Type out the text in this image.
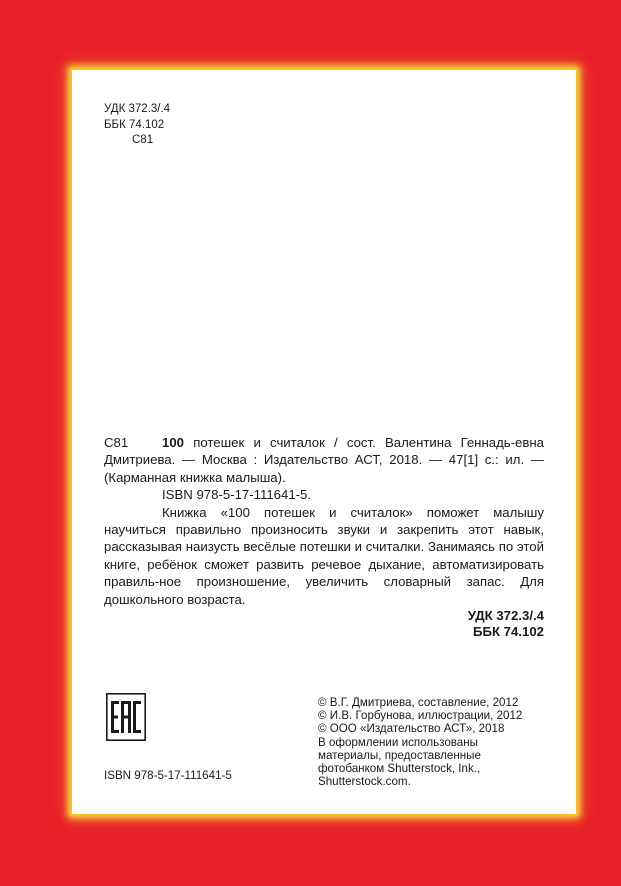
УДК 372.3/.4
ББК 74.102
С81
С81	100 потешек и считалок / сост. Валентина Геннадь-евна Дмитриева. — Москва : Издательство АСТ, 2018. — 47[1] с.: ил. — (Карманная книжка малыша).

ISBN 978-5-17-111641-5.

Книжка «100 потешек и считалок» поможет малышу научиться правильно произносить звуки и закрепить этот навык, рассказывая наизусть весёлые потешки и считалки. Занимаясь по этой книге, ребёнок сможет развить речевое дыхание, автоматизировать правиль-ное произношение, увеличить словарный запас. Для дошкольного возраста.

УДК 372.3/.4

ББК 74.102

© В.Г. Дмитриева, составление, 2012
© И.В. Горбунова, иллюстрации, 2012
© ООО «Издательство АСТ», 2018
В оформлении использованы
материалы, предоставленные
фотобанком Shutterstock, Ink.,
Shutterstock.com.
ISBN 978-5-17-111641-5
